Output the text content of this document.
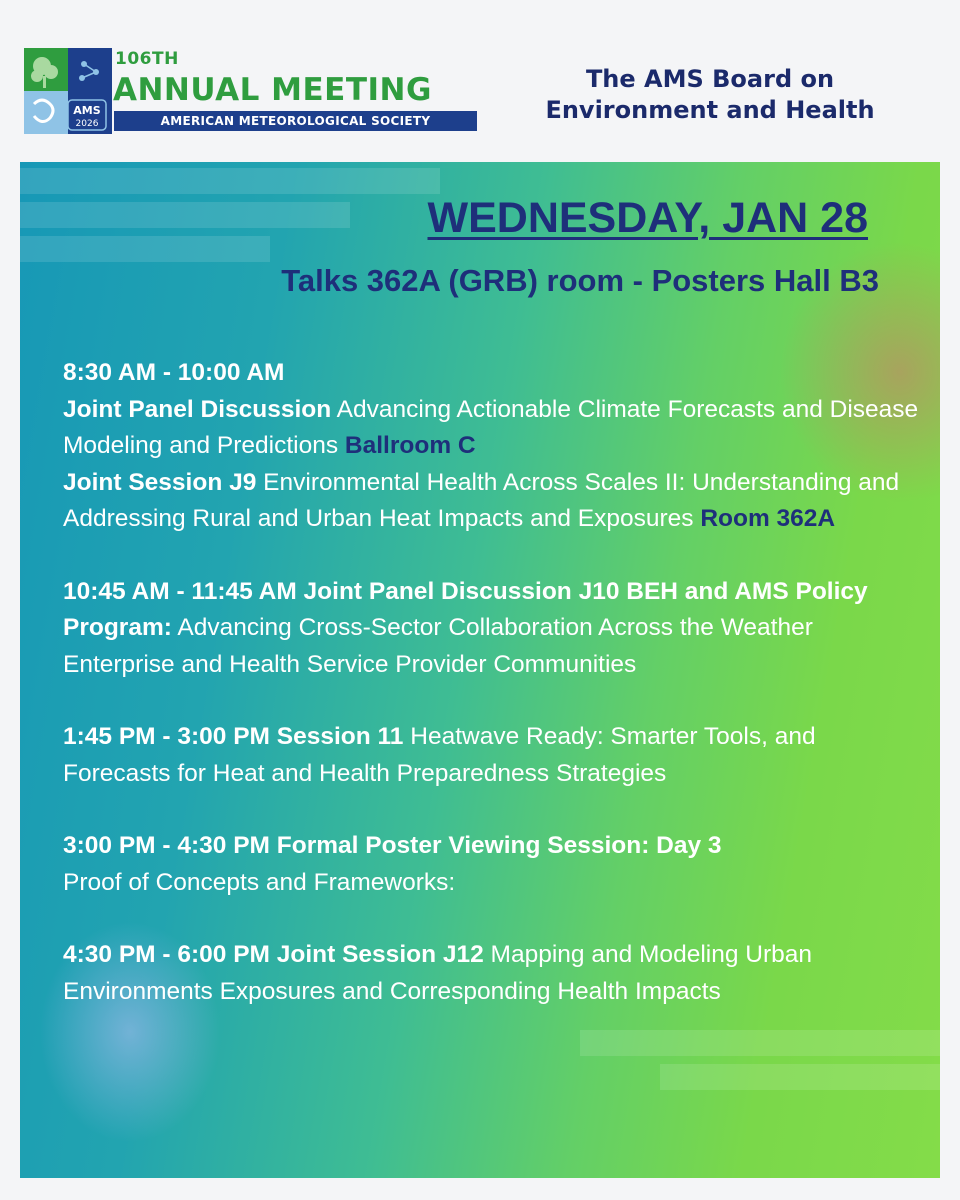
AMS
2026
106TH
ANNUAL MEETING
AMERICAN METEOROLOGICAL SOCIETY
The AMS Board on
Environment and Health
WEDNESDAY, JAN 28
Talks 362A (GRB) room - Posters Hall B3

8:30 AM - 10:00 AM

Joint Panel Discussion Advancing Actionable Climate Forecasts and Disease Modeling and Predictions Ballroom C

Joint Session J9 Environmental Health Across Scales II: Understanding and Addressing Rural and Urban Heat Impacts and Exposures Room 362A

10:45 AM - 11:45 AM Joint Panel Discussion J10 BEH and AMS Policy Program: Advancing Cross-Sector Collaboration Across the Weather Enterprise and Health Service Provider Communities

1:45 PM - 3:00 PM Session 11 Heatwave Ready: Smarter Tools, and Forecasts for Heat and Health Preparedness Strategies

3:00 PM - 4:30 PM Formal Poster Viewing Session: Day 3

Proof of Concepts and Frameworks:

4:30 PM - 6:00 PM Joint Session J12 Mapping and Modeling Urban Environments Exposures and Corresponding Health Impacts
